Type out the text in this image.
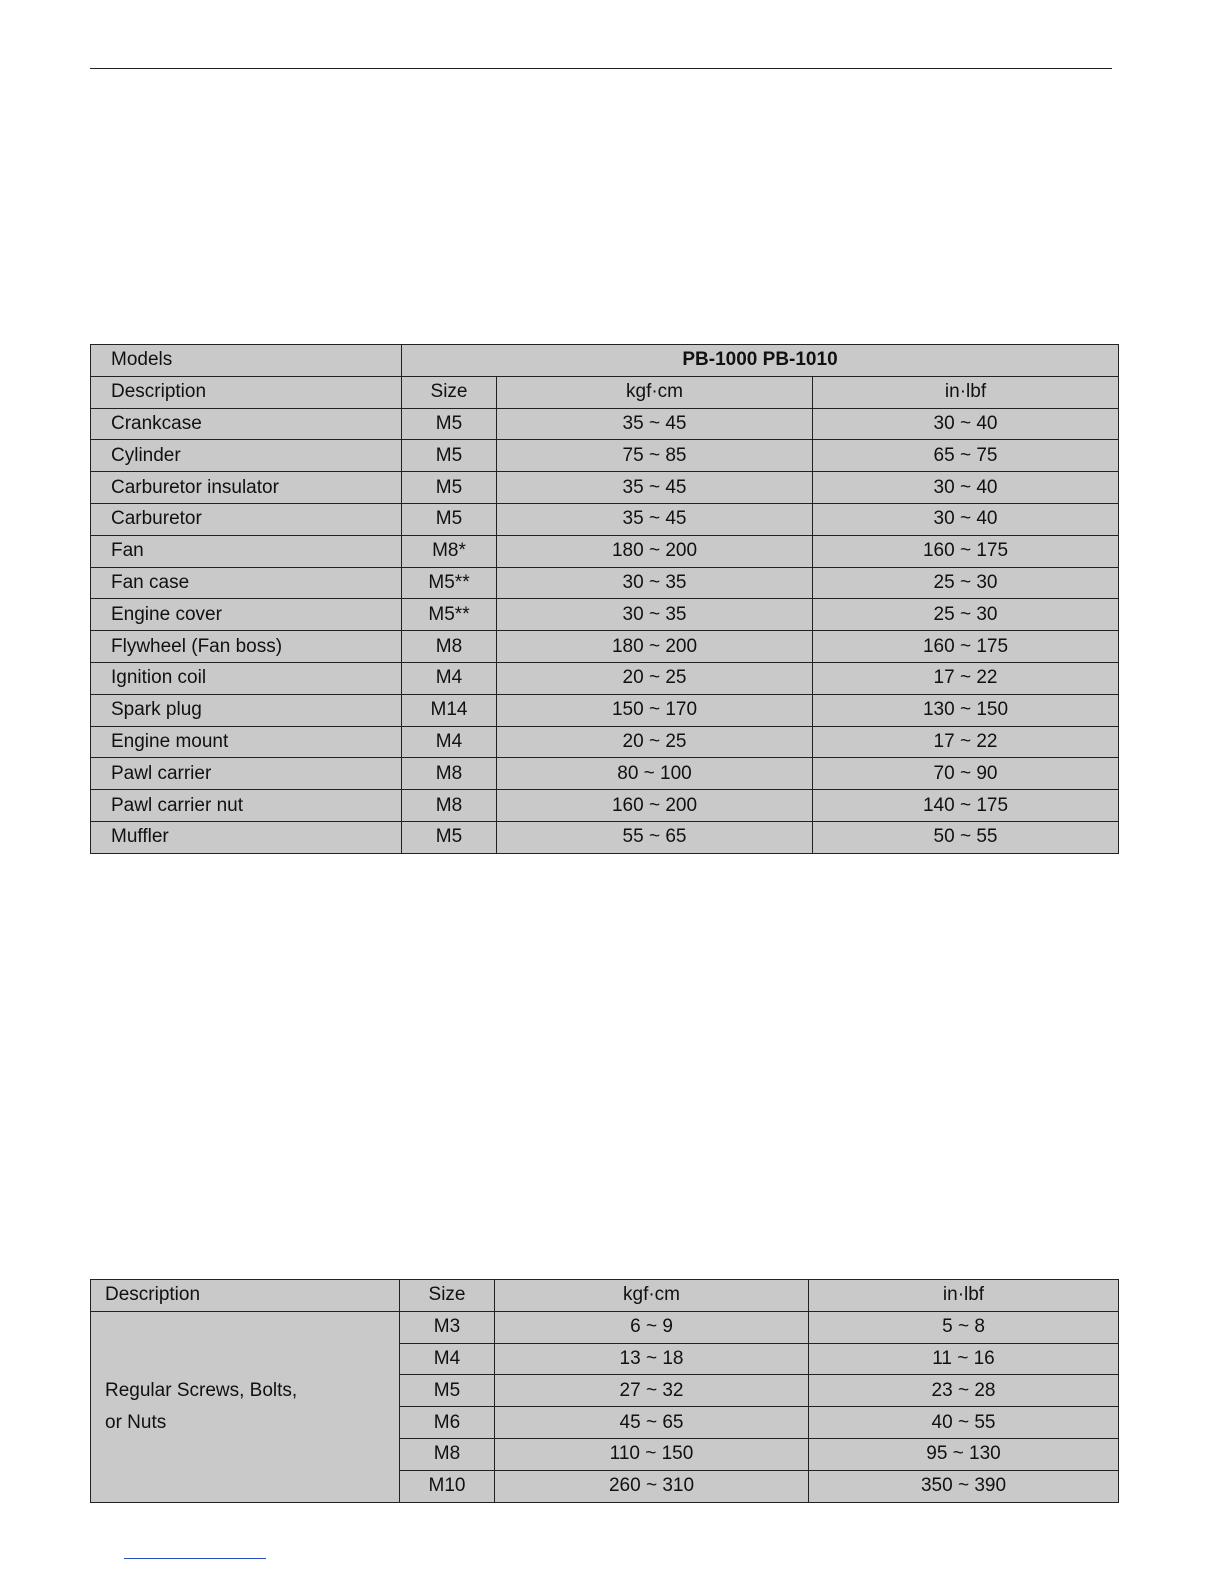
Models	PB-1000 PB-1010		
Description	Size	kgf·cm	in·lbf
Crankcase	M5	35 ~ 45	30 ~ 40
Cylinder	M5	75 ~ 85	65 ~ 75
Carburetor insulator	M5	35 ~ 45	30 ~ 40
Carburetor	M5	35 ~ 45	30 ~ 40
Fan	M8*	180 ~ 200	160 ~ 175
Fan case	M5**	30 ~ 35	25 ~ 30
Engine cover	M5**	30 ~ 35	25 ~ 30
Flywheel (Fan boss)	M8	180 ~ 200	160 ~ 175
Ignition coil	M4	20 ~ 25	17 ~ 22
Spark plug	M14	150 ~ 170	130 ~ 150
Engine mount	M4	20 ~ 25	17 ~ 22
Pawl carrier	M8	80 ~ 100	70 ~ 90
Pawl carrier nut	M8	160 ~ 200	140 ~ 175
Muffler	M5	55 ~ 65	50 ~ 55
Description	Size	kgf·cm	in·lbf

Regular Screws, Bolts,
or Nuts	M3	6 ~ 9	5 ~ 8
	M4	13 ~ 18	11 ~ 16
	M5	27 ~ 32	23 ~ 28
	M6	45 ~ 65	40 ~ 55
	M8	110 ~ 150	95 ~ 130
	M10	260 ~ 310	350 ~ 390
